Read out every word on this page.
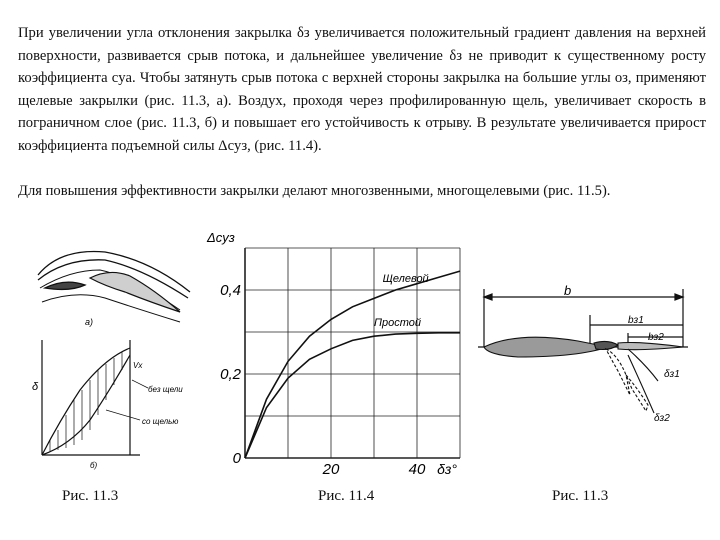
При увеличении угла отклонения закрылка δз увеличивается положительный градиент давления на верхней поверхности, развивается срыв потока, и дальнейшее увеличение δз не приводит к существенному росту коэффициента cya. Чтобы затянуть срыв потока с верхней стороны закрылка на большие углы oз, применяют щелевые закрылки (рис. 11.3, а). Воздух, проходя через профилированную щель, увеличивает скорость в пограничном слое (рис. 11.3, б) и повышает его устойчивость к отрыву. В результате увеличивается прирост коэффициента подъемной силы Δcyз, (рис. 11.4).

Для повышения эффективности закрылки делают многозвенными, многощелевыми (рис. 11.5).

а)
δ
Vх
без щели
со щелью
б)
Щелевой
Простой
0
0,2
0,4
20	40
Δcyз
δз°
b
bз1
bз2
δз1
δз2
Рис. 11.3	Рис. 11.4	Рис. 11.3
